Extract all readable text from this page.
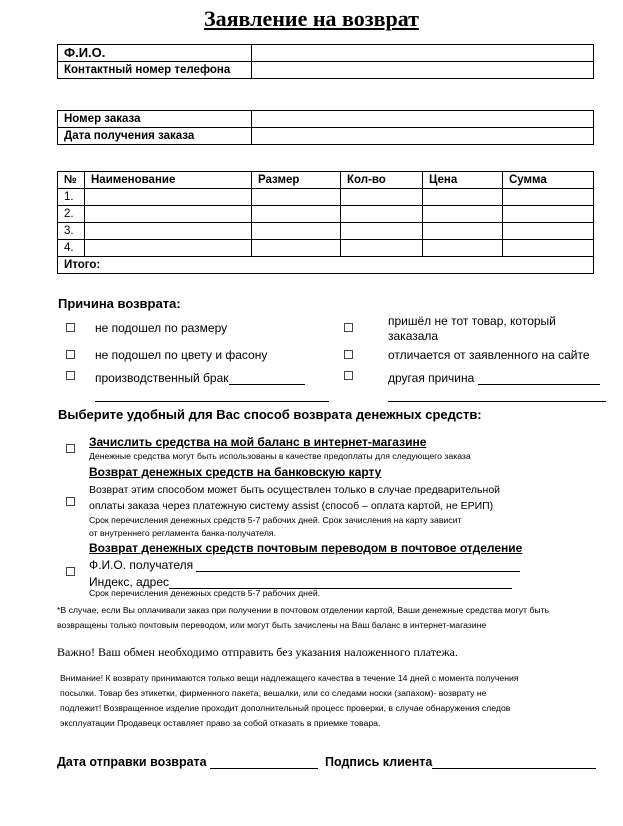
Заявление на возврат
Ф.И.О.	
Контактный номер телефона	
Номер заказа	
Дата получения заказа	
№	Наименование	Размер	Кол-во	Цена	Сумма
1.					
2.					
3.					
4.					
Итого:					
Причина возврата:
не подошел по размеру	пришёл не тот товар, который заказала
не подошел по цвету и фасону	отличается от заявленного на сайте
производственный брак	другая причина
Выберите удобный для Вас способ возврата денежных средств:
Зачислить средства на мой баланс в интернет-магазине
Денежные средства могут быть использованы в качестве предоплаты для следующего заказа
Возврат денежных средств на банковскую карту
Возврат этим способом может быть осуществлен только в случае предварительной
оплаты заказа через платежную систему assist (способ – оплата картой, не ЕРИП)
Срок перечисления денежных средств 5-7 рабочих дней. Срок зачисления на карту зависит
от внутреннего регламента банка-получателя.
Возврат денежных средств почтовым переводом в почтовое отделение
Ф.И.О. получателя
Индекс, адрес
Срок перечисления денежных средств 5-7 рабочих дней.
*В случае, если Вы оплачивали заказ при получении в почтовом отделении картой, Ваши денежные средства могут быть
возвращены только почтовым переводом, или могут быть зачислены на Ваш баланс в интернет-магазине
Важно! Ваш обмен необходимо отправить без указания наложенного платежа.
Внимание! К возврату принимаются только вещи надлежащего качества в течение 14 дней с момента получения
посылки. Товар без этикетки, фирменного пакета, вешалки, или со следами носки (запахом)- возврату не
подлежит! Возвращенное изделие проходит дополнительный процесс проверки, в случае обнаружения следов
эксплуатации Продавецк оставляет право за собой отказать в приемке товара.
Дата отправки возврата	Подпись клиента
